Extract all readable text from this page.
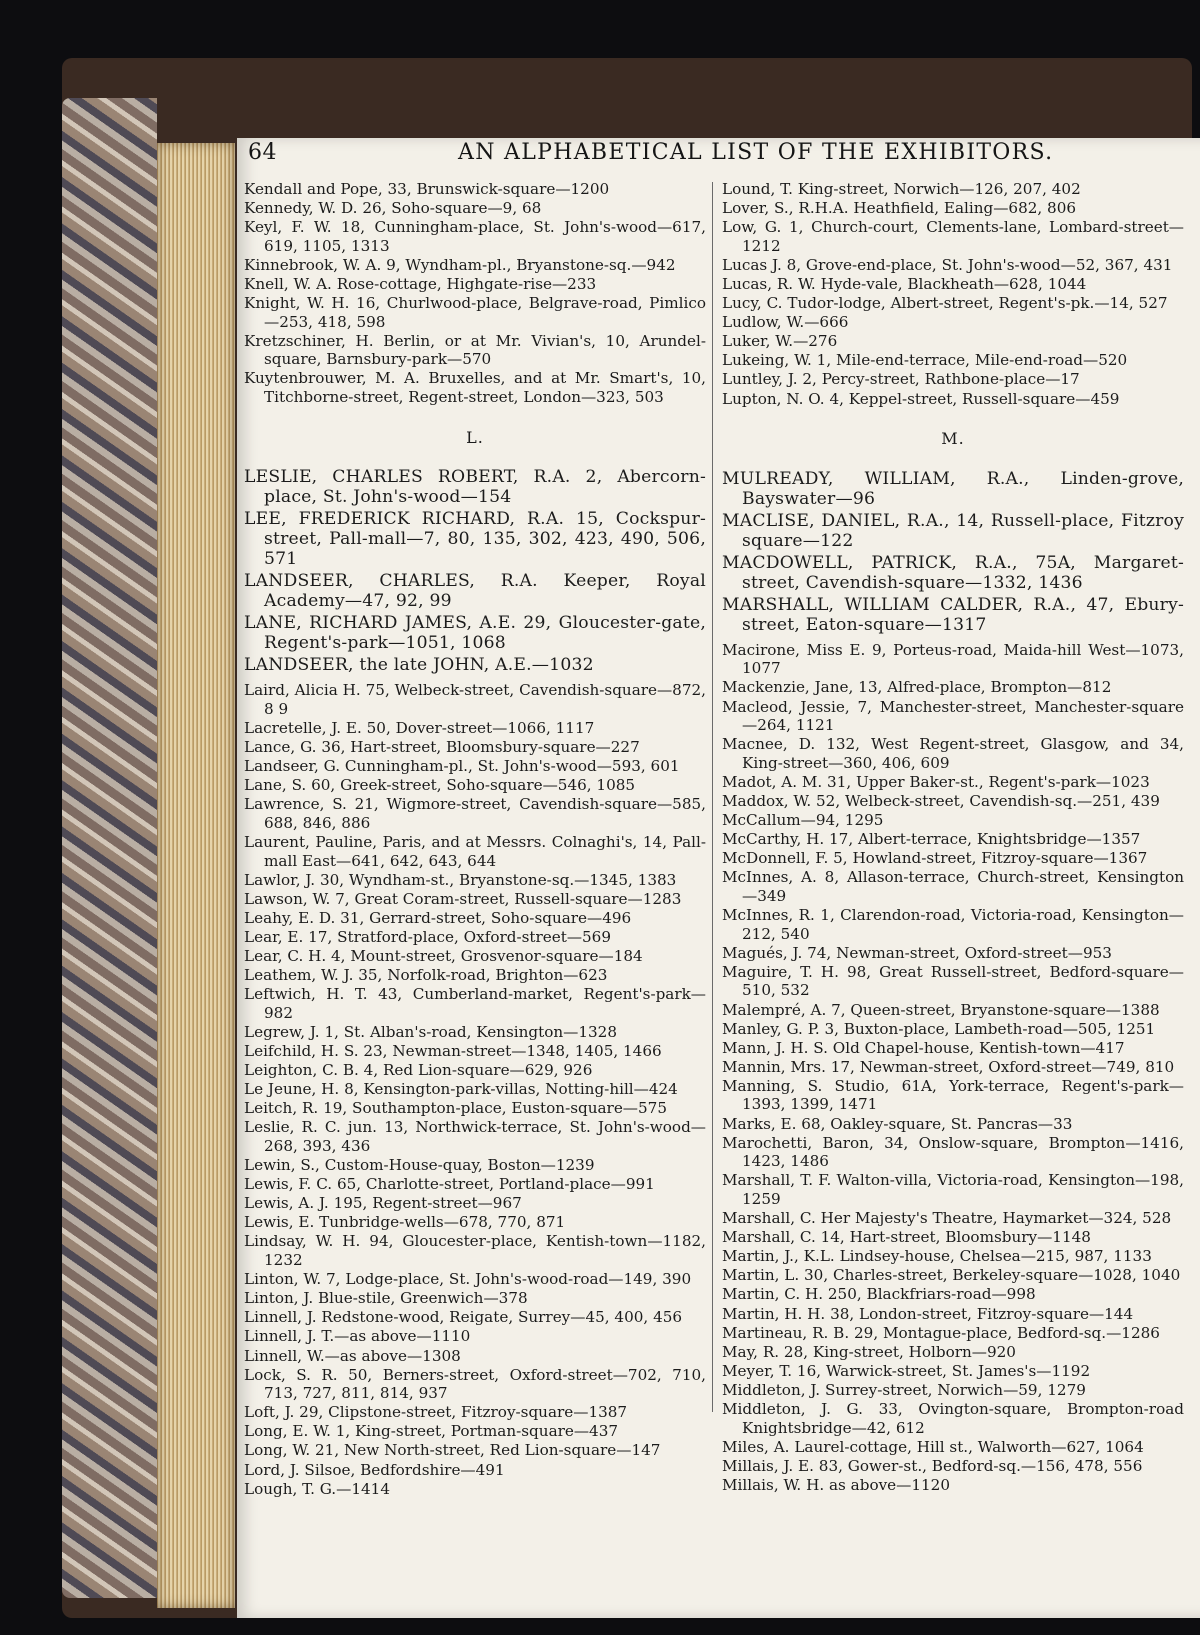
64	AN ALPHABETICAL LIST OF THE EXHIBITORS.
Kendall and Pope, 33, Brunswick-square—1200
Kennedy, W. D. 26, Soho-square—9, 68
Keyl, F. W. 18, Cunningham-place, St. John's-wood—617, 619, 1105, 1313
Kinnebrook, W. A. 9, Wyndham-pl., Bryanstone-sq.—942
Knell, W. A. Rose-cottage, Highgate-rise—233
Knight, W. H. 16, Churlwood-place, Belgrave-road, Pimlico—253, 418, 598
Kretzschiner, H. Berlin, or at Mr. Vivian's, 10, Arundel-square, Barnsbury-park—570
Kuytenbrouwer, M. A. Bruxelles, and at Mr. Smart's, 10, Titchborne-street, Regent-street, London—323, 503
L.
LESLIE, CHARLES ROBERT, R.A. 2, Abercorn-place, St. John's-wood—154
LEE, FREDERICK RICHARD, R.A. 15, Cockspur-street, Pall-mall—7, 80, 135, 302, 423, 490, 506, 571
LANDSEER, CHARLES, R.A. Keeper, Royal Academy—47, 92, 99
LANE, RICHARD JAMES, A.E. 29, Gloucester-gate, Regent's-park—1051, 1068
LANDSEER, the late JOHN, A.E.—1032
Laird, Alicia H. 75, Welbeck-street, Cavendish-square—872, 8 9
Lacretelle, J. E. 50, Dover-street—1066, 1117
Lance, G. 36, Hart-street, Bloomsbury-square—227
Landseer, G. Cunningham-pl., St. John's-wood—593, 601
Lane, S. 60, Greek-street, Soho-square—546, 1085
Lawrence, S. 21, Wigmore-street, Cavendish-square—585, 688, 846, 886
Laurent, Pauline, Paris, and at Messrs. Colnaghi's, 14, Pall-mall East—641, 642, 643, 644
Lawlor, J. 30, Wyndham-st., Bryanstone-sq.—1345, 1383
Lawson, W. 7, Great Coram-street, Russell-square—1283
Leahy, E. D. 31, Gerrard-street, Soho-square—496
Lear, E. 17, Stratford-place, Oxford-street—569
Lear, C. H. 4, Mount-street, Grosvenor-square—184
Leathem, W. J. 35, Norfolk-road, Brighton—623
Leftwich, H. T. 43, Cumberland-market, Regent's-park—982
Legrew, J. 1, St. Alban's-road, Kensington—1328
Leifchild, H. S. 23, Newman-street—1348, 1405, 1466
Leighton, C. B. 4, Red Lion-square—629, 926
Le Jeune, H. 8, Kensington-park-villas, Notting-hill—424
Leitch, R. 19, Southampton-place, Euston-square—575
Leslie, R. C. jun. 13, Northwick-terrace, St. John's-wood—268, 393, 436
Lewin, S., Custom-House-quay, Boston—1239
Lewis, F. C. 65, Charlotte-street, Portland-place—991
Lewis, A. J. 195, Regent-street—967
Lewis, E. Tunbridge-wells—678, 770, 871
Lindsay, W. H. 94, Gloucester-place, Kentish-town—1182, 1232
Linton, W. 7, Lodge-place, St. John's-wood-road—149, 390
Linton, J. Blue-stile, Greenwich—378
Linnell, J. Redstone-wood, Reigate, Surrey—45, 400, 456
Linnell, J. T.—as above—1110
Linnell, W.—as above—1308
Lock, S. R. 50, Berners-street, Oxford-street—702, 710, 713, 727, 811, 814, 937
Loft, J. 29, Clipstone-street, Fitzroy-square—1387
Long, E. W. 1, King-street, Portman-square—437
Long, W. 21, New North-street, Red Lion-square—147
Lord, J. Silsoe, Bedfordshire—491
Lough, T. G.—1414
Lound, T. King-street, Norwich—126, 207, 402
Lover, S., R.H.A. Heathfield, Ealing—682, 806
Low, G. 1, Church-court, Clements-lane, Lombard-street—1212
Lucas J. 8, Grove-end-place, St. John's-wood—52, 367, 431
Lucas, R. W. Hyde-vale, Blackheath—628, 1044
Lucy, C. Tudor-lodge, Albert-street, Regent's-pk.—14, 527
Ludlow, W.—666
Luker, W.—276
Lukeing, W. 1, Mile-end-terrace, Mile-end-road—520
Luntley, J. 2, Percy-street, Rathbone-place—17
Lupton, N. O. 4, Keppel-street, Russell-square—459
M.
MULREADY, WILLIAM, R.A., Linden-grove, Bayswater—96
MACLISE, DANIEL, R.A., 14, Russell-place, Fitzroy square—122
MACDOWELL, PATRICK, R.A., 75A, Margaret-street, Cavendish-square—1332, 1436
MARSHALL, WILLIAM CALDER, R.A., 47, Ebury-street, Eaton-square—1317
Macirone, Miss E. 9, Porteus-road, Maida-hill West—1073, 1077
Mackenzie, Jane, 13, Alfred-place, Brompton—812
Macleod, Jessie, 7, Manchester-street, Manchester-square—264, 1121
Macnee, D. 132, West Regent-street, Glasgow, and 34, King-street—360, 406, 609
Madot, A. M. 31, Upper Baker-st., Regent's-park—1023
Maddox, W. 52, Welbeck-street, Cavendish-sq.—251, 439
McCallum—94, 1295
McCarthy, H. 17, Albert-terrace, Knightsbridge—1357
McDonnell, F. 5, Howland-street, Fitzroy-square—1367
McInnes, A. 8, Allason-terrace, Church-street, Kensington—349
McInnes, R. 1, Clarendon-road, Victoria-road, Kensington—212, 540
Magués, J. 74, Newman-street, Oxford-street—953
Maguire, T. H. 98, Great Russell-street, Bedford-square—510, 532
Malempré, A. 7, Queen-street, Bryanstone-square—1388
Manley, G. P. 3, Buxton-place, Lambeth-road—505, 1251
Mann, J. H. S. Old Chapel-house, Kentish-town—417
Mannin, Mrs. 17, Newman-street, Oxford-street—749, 810
Manning, S. Studio, 61A, York-terrace, Regent's-park—1393, 1399, 1471
Marks, E. 68, Oakley-square, St. Pancras—33
Marochetti, Baron, 34, Onslow-square, Brompton—1416, 1423, 1486
Marshall, T. F. Walton-villa, Victoria-road, Kensington—198, 1259
Marshall, C. Her Majesty's Theatre, Haymarket—324, 528
Marshall, C. 14, Hart-street, Bloomsbury—1148
Martin, J., K.L. Lindsey-house, Chelsea—215, 987, 1133
Martin, L. 30, Charles-street, Berkeley-square—1028, 1040
Martin, C. H. 250, Blackfriars-road—998
Martin, H. H. 38, London-street, Fitzroy-square—144
Martineau, R. B. 29, Montague-place, Bedford-sq.—1286
May, R. 28, King-street, Holborn—920
Meyer, T. 16, Warwick-street, St. James's—1192
Middleton, J. Surrey-street, Norwich—59, 1279
Middleton, J. G. 33, Ovington-square, Brompton-road Knightsbridge—42, 612
Miles, A. Laurel-cottage, Hill st., Walworth—627, 1064
Millais, J. E. 83, Gower-st., Bedford-sq.—156, 478, 556
Millais, W. H. as above—1120
